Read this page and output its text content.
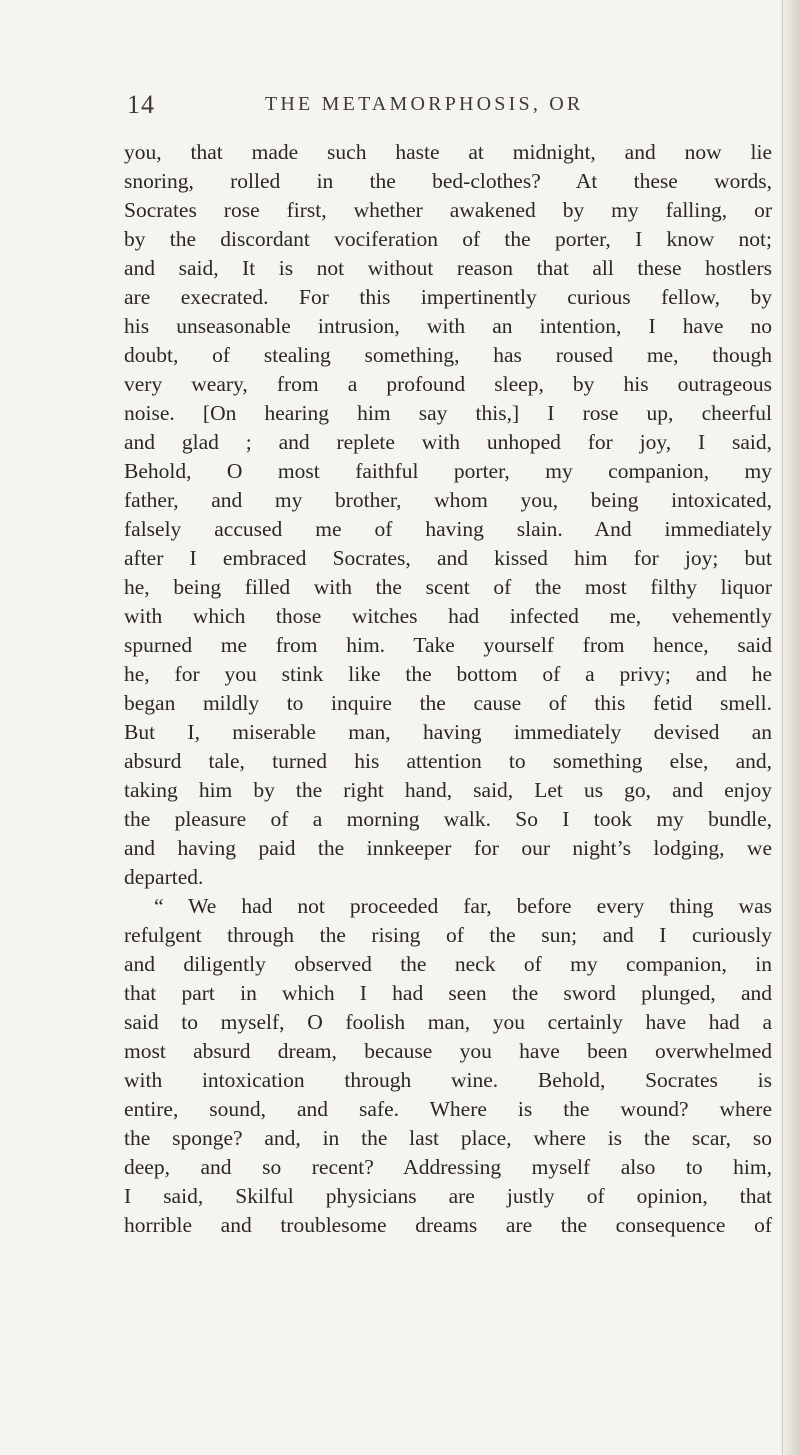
14	THE METAMORPHOSIS, OR
you, that made such haste at midnight, and now lie
snoring, rolled in the bed-clothes? At these words,
Socrates rose first, whether awakened by my falling, or
by the discordant vociferation of the porter, I know not;
and said, It is not without reason that all these hostlers
are execrated. For this impertinently curious fellow, by
his unseasonable intrusion, with an intention, I have no
doubt, of stealing something, has roused me, though
very weary, from a profound sleep, by his outrageous
noise. [On hearing him say this,] I rose up, cheerful
and glad ; and replete with unhoped for joy, I said,
Behold, O most faithful porter, my companion, my
father, and my brother, whom you, being intoxicated,
falsely accused me of having slain. And immediately
after I embraced Socrates, and kissed him for joy; but
he, being filled with the scent of the most filthy liquor
with which those witches had infected me, vehemently
spurned me from him. Take yourself from hence, said
he, for you stink like the bottom of a privy; and he
began mildly to inquire the cause of this fetid smell.
But I, miserable man, having immediately devised an
absurd tale, turned his attention to something else, and,
taking him by the right hand, said, Let us go, and enjoy
the pleasure of a morning walk. So I took my bundle,
and having paid the innkeeper for our night’s lodging, we
departed.
“ We had not proceeded far, before every thing was
refulgent through the rising of the sun; and I curiously
and diligently observed the neck of my companion, in
that part in which I had seen the sword plunged, and
said to myself, O foolish man, you certainly have had a
most absurd dream, because you have been overwhelmed
with intoxication through wine. Behold, Socrates is
entire, sound, and safe. Where is the wound? where
the sponge? and, in the last place, where is the scar, so
deep, and so recent? Addressing myself also to him,
I said, Skilful physicians are justly of opinion, that
horrible and troublesome dreams are the consequence of
